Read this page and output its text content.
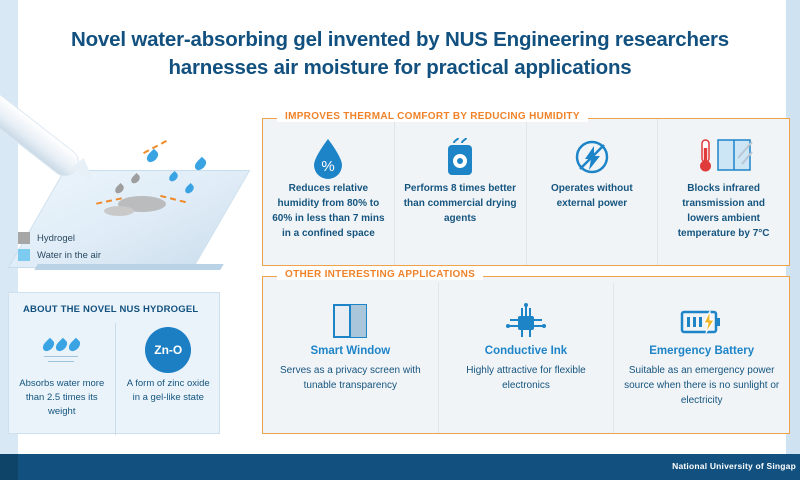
Novel water-absorbing gel invented by NUS Engineering researchers harnesses air moisture for practical applications
Hydrogel
Water in the air
ABOUT THE NOVEL NUS HYDROGEL
Absorbs water more than 2.5 times its weight
Zn-O
A form of zinc oxide in a gel-like state
IMPROVES THERMAL COMFORT BY REDUCING HUMIDITY
%
Reduces relative humidity from 80% to 60% in less than 7 mins in a confined space
Performs 8 times better than commercial drying agents
Operates without external power
Blocks infrared transmission and lowers ambient temperature by 7°C
OTHER INTERESTING APPLICATIONS
Smart Window
Serves as a privacy screen with tunable transparency
Conductive Ink
Highly attractive for flexible electronics
Emergency Battery
Suitable as an emergency power source when there is no sunlight or electricity
National University of Singap
